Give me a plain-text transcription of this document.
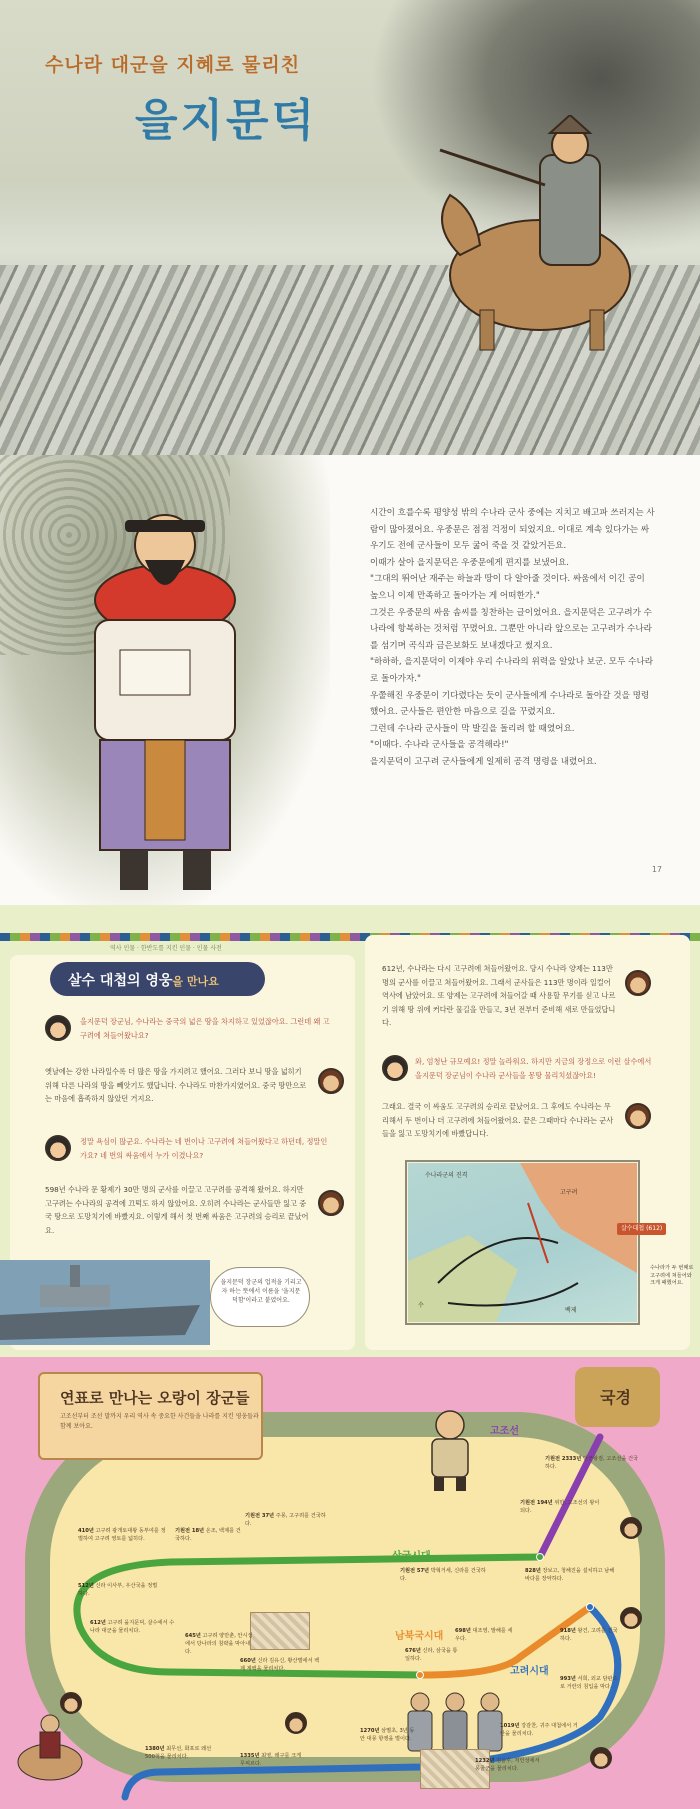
수나라 대군을 지혜로 물리친
을지문덕

시간이 흐를수록 평양성 밖의 수나라 군사 중에는 지치고 배고파 쓰러지는 사람이 많아졌어요. 우중문은 점점 걱정이 되었지요. 이대로 계속 있다가는 싸우기도 전에 군사들이 모두 굶어 죽을 것 같았거든요.

이때가 살아 을지문덕은 우중문에게 편지를 보냈어요.

"그대의 뛰어난 재주는 하늘과 땅이 다 알아줄 것이다. 싸움에서 이긴 공이 높으니 이제 만족하고 돌아가는 게 어떠한가."

그것은 우중문의 싸움 솜씨를 칭찬하는 글이었어요. 을지문덕은 고구려가 수나라에 항복하는 것처럼 꾸몄어요. 그뿐만 아니라 앞으로는 고구려가 수나라를 섬기며 곡식과 금은보화도 보내겠다고 썼지요.

"하하하, 을지문덕이 이제야 우리 수나라의 위력을 알았나 보군. 모두 수나라로 돌아가자."

우쭐해진 우중문이 기다렸다는 듯이 군사들에게 수나라로 돌아갈 것을 명령했어요. 군사들은 편안한 마음으로 길을 꾸렸지요.

그런데 수나라 군사들이 막 발길을 돌리려 할 때였어요.

"이때다. 수나라 군사들을 공격해라!"

을지문덕이 고구려 군사들에게 일제히 공격 명령을 내렸어요.

17
역사 인물 · 한반도를 지킨 인물 · 인물 사전
살수 대첩의 영웅을 만나요
을지문덕 장군님, 수나라는 중국의 넓은 땅을 차지하고 있었잖아요. 그런데 왜 고구려에 쳐들어왔나요?
옛날에는 강한 나라일수록 더 많은 땅을 가지려고 했어요. 그러다 보니 땅을 넓히기 위해 다른 나라의 땅을 빼앗기도 했답니다. 수나라도 마찬가지였어요. 중국 땅만으로는 마음에 흡족하지 않았던 거지요.
정말 욕심이 많군요. 수나라는 네 번이나 고구려에 쳐들어왔다고 하던데, 정말인가요? 네 번의 싸움에서 누가 이겼나요?
598년 수나라 문 황제가 30만 명의 군사를 이끌고 고구려를 공격해 왔어요. 하지만 고구려는 수나라의 공격에 끄떡도 하지 않았어요. 오히려 수나라는 군사들만 잃고 중국 땅으로 도망치기에 바빴지요. 이렇게 해서 첫 번째 싸움은 고구려의 승리로 끝났어요.
을지문덕 장군의 업적을 기리고자 하는 뜻에서 이름을 '을지문덕함'이라고 붙였어요.
612년, 수나라는 다시 고구려에 쳐들어왔어요. 당시 수나라 양제는 113만 명의 군사를 이끌고 쳐들어왔어요. 그래서 군사들은 113만 명이라 일컬어 역사에 남았어요. 또 양제는 고구려에 쳐들어갈 때 사용할 무기를 싣고 나르기 위해 땅 위에 커다란 물길을 만들고, 3년 전부터 준비해 새로 만들었답니다.
와, 엄청난 규모예요! 정말 놀라워요. 하지만 지금의 장정으로 이런 살수에서 을지문덕 장군님이 수나라 군사들을 몽땅 물리치셨잖아요!
그래요. 결국 이 싸움도 고구려의 승리로 끝났어요. 그 후에도 수나라는 무리해서 두 번이나 더 고구려에 쳐들어왔어요. 끝은 그때마다 수나라는 군사들을 잃고 도망치기에 바빴답니다.
수나라군의 진격
고구려
수
백제
살수대첩 (612)
수나라가 두 번째로 고구려에 쳐들어와 크게 패했어요.
국경
연표로 만나는 오랑이 장군들
고조선부터 조선 말까지 우리 역사 속 중요한 사건들을 나라를 지킨 영웅들과 함께 보아요.	고조선
삼국시대
남북국시대
고려시대
기원전 2333년 단군왕검, 고조선을 건국하다.
기원전 194년 위만, 고조선의 왕이 되다.
기원전 57년 박혁거세, 신라를 건국하다.
기원전 37년 주몽, 고구려를 건국하다.
기원전 18년 온조, 백제를 건국하다.
410년 고구려 광개토대왕 동부여를 정벌하여 고구려 영토를 넓히다.
512년 신라 이사부, 우산국을 정벌하다.
612년 고구려 을지문덕, 살수에서 수나라 대군을 물리치다.
645년 고구려 양만춘, 안시성에서 당나라의 침략을 막아내다.
660년 신라 김유신, 황산벌에서 백제 계백을 물리치다.
676년 신라, 삼국을 통일하다.
698년 대조영, 발해를 세우다.
828년 장보고, 청해진을 설치하고 남해 바다를 장악하다.
918년 왕건, 고려를 건국하다.
993년 서희, 외교 담판으로 거란의 침입을 막다.
1019년 강감찬, 귀주 대첩에서 거란을 물리치다.
1232년 김윤후, 처인성에서 몽골군을 물리치다.
1270년 삼별초, 3년 동안 대몽 항쟁을 벌이다.
1335년 최영, 왜구를 크게 무찌르다.
1380년 최무선, 화포로 왜선 500척을 물리치다.
